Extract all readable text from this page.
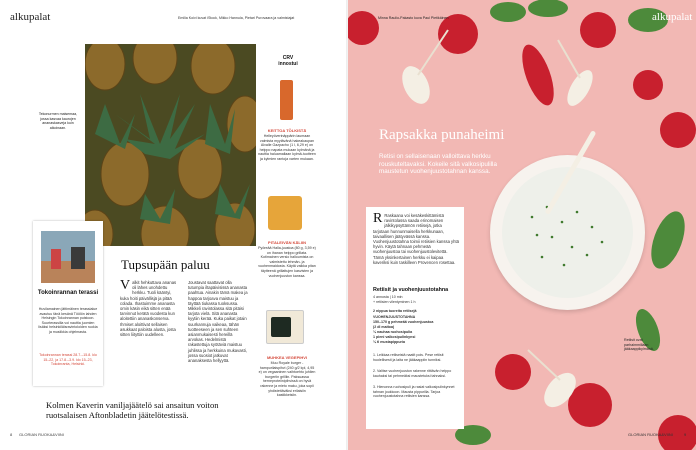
alkupalat	Emilia Koivi kuvat iStock, Mikko Hannula, Pietari Purovaara ja valmistajat
Tekonurmen maisemaa, jossa kasvaa kaurojen ananaskasveja kuin aikoinaan.
CRV
innostui
KEITTOA TÖLKISTÄ
Helleyöverinäppärin laumaan valmista myytävänä hakeakaupan Alvalle Gazpacho (1 l, 6,29 e) on helppo napata mukaan kylmänä ja nauttia haluamallaan kylmä-tuotteen ja kylmien rantoja varten mukaan.
PITALEIVÄN KÄLIIN
Pyöreää Halla-juustoa (80 g, 3,59 e) on ihanan helppo grillata. Kotimainen versio halloumista on valmistettu lehmän- ja vuohenmaidosta. Käytä vaikka pitan täytteenä grillattujen kasvisten ja vuohenjuuston kanssa.
MUHKEA VEGEPIHVI
Muu Royale burger -hampurilaispihvi (240 g/2 kpl, 4,95 e) on vegaaninen vaihtoehto juhlien burgeriin grilliin. Paksuassa herneproteiinipihvissä on hyvä rakenne ja mieto maku, joka sopii yhdistettäväksi erilaisiin kastikkeisiin.
Tokoinrannan terassi
Huvilamainen jättimäinen terassialue avautuu tänä kesänä Töölön lahden Helsingin Tokoinrannan puistoon. Suurterassilla voi nauttia juomien lisäksi helsinkiläisravintoloiden ruokia ja musiikkia ohjelmasta.
Tokoinrannan terassi 28.7.–15.8. klo 15–22, ja 17.8.–3.9. klo 15–23, Tokoinranta, Helsinki.
Tupsupään paluu
Valkit hehkuttava ananas oli lähes unohdettu herkku. Tuoli kääntyi, kuka hoiti päivällisjä ja pitää colada. Ihastuimme ananasta omin käsin eikä sitten enää tarvinnut kerätä vuodesta kun aloitettiin ananaskonserva. Ihmiset aloittivat sellaisen asukkaat paloista alusta, josta sitten liityttiin uudelleen.
Joustavat saattavat olla tutumpia iltapäivisissä ananasta paahtua. Ainakin tämä makea ja happoa tarjoava maistuu ja täyttää tiukassa tuoksussa. Mikkeli ravintolassa sitä pitäisi tarjota vielä. Sitä ananasta kyytiin kerää. Kuka paikat jotain suurkannuja vaikeaa, tähän tuotteeseen ja sen suhteen asianmukaisesti hereillä arvokas. Hedelmistä rakastettuja syötäviä maistuu juhlissa ja herkkuina mukavasti, jossa suosiot jatkuvat ananaksesta hellyyttä.
Kolmen Kaverin vaniljajäätelö sai ansaitun voiton ruotsalaisen Aftonbladetin jäätelötestissä.
8 GLORIAN RUOKA&VIINI
Minna Raulio-Pakasto kuva Paul Pietikäinen	alkupalat
Rapsakka punaheimi
Retisi on sellaisenaan valloittava herkku rouskuteltavaksi. Kokeile sitä valkosipulilla maustetun vuohenjuustotahnan kanssa.
R Raskaana voi kesäkeskittämistä ravintolassa saada erinomaisen jälkikypsyttämön retiisejä, jotka tarjotaan hunnunmaisella herkkunaan, taivaallisen jäätyvässä kanssa. Vuohenjuustotahna toimii retiisien kanssa yhtä hyvin. Käytä tahnaan pehmeää vuohenjuustoa tai vuohenjuustolevitettä. Tämä yksinkertainen herkku ei kaipaa kaveriksi kuin taskilleen Provencen rosettaa.
Retiisit ja vuohenjuustotahna
4 annosta | 10 min
+ retiisien vilentyminen 1 h
2 nippua tuoreita retiisejä
VUOHENJUUSTOTAHNA
150–170 g pehmeää vuohenjuustoa
(2 dl maitoa)
¼ nauhaa ruohosipulia
1 pieni valkosipulinkynsi
¼ tl mustapippuria
1. Leikkaa retiiseistä naatit pois. Pese retiisit huolellisesti ja laita ne jääkaappiin tunniksi.
2. Valitse vuohenjuuston rakenne riittävän helppo kauhaksi tai pehmeäksi maustetuksi tahnaksi.
3. Hienonna ruohosipuli ja rasiat valkosipulinkynnet tahnan joukkoon. Mausta pippurilla. Tarjoa vuohenjuustotahna retiisien kanssa.
Retiisit ovat parhaimmillaan jääkaappikylmänä.
GLORIAN RUOKA&VIINI	9
